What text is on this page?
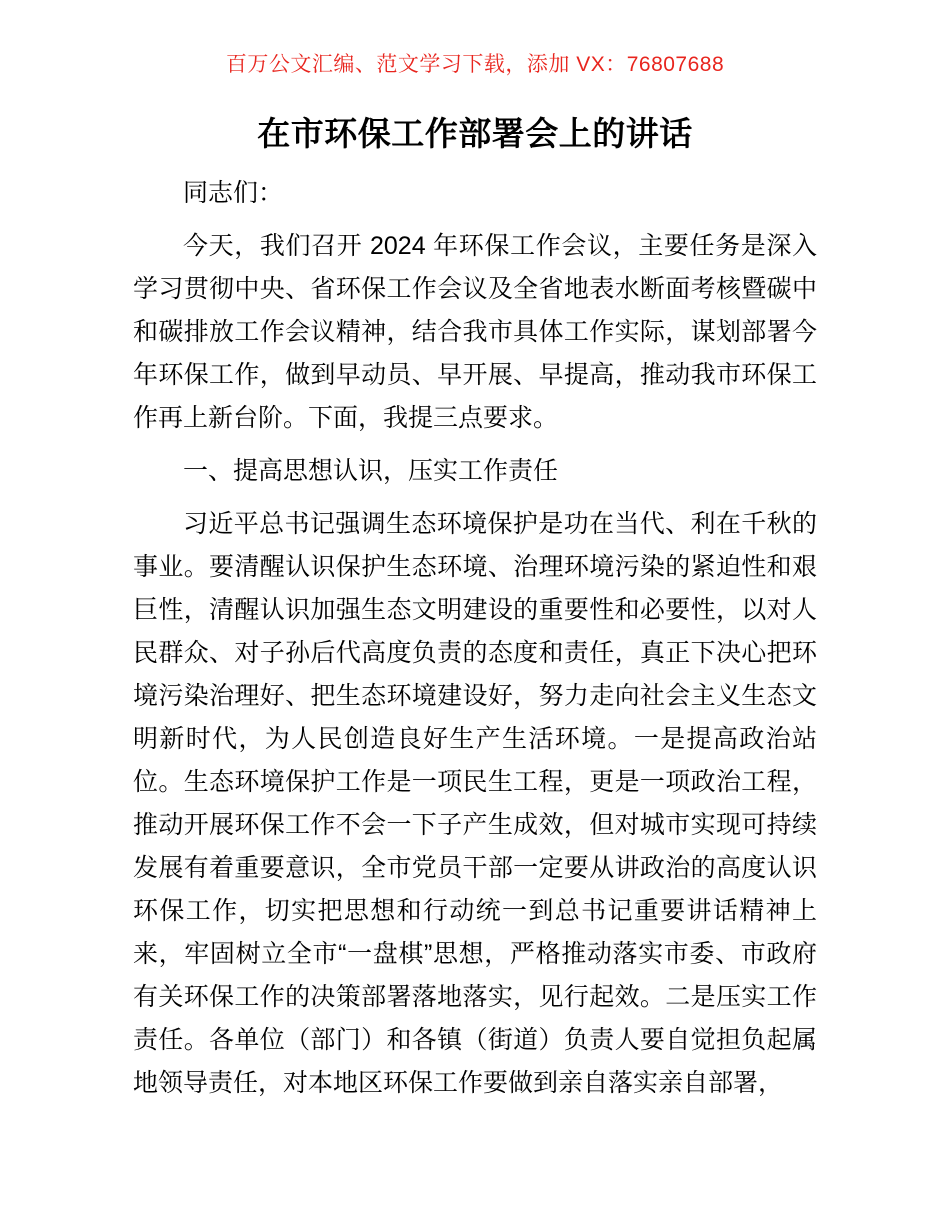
百万公文汇编、范文学习下载，添加 VX：76807688
在市环保工作部署会上的讲话

同志们：

今天，我们召开 2024 年环保工作会议，主要任务是深入学习贯彻中央、省环保工作会议及全省地表水断面考核暨碳中和碳排放工作会议精神，结合我市具体工作实际，谋划部署今年环保工作，做到早动员、早开展、早提高，推动我市环保工作再上新台阶。下面，我提三点要求。

一、提高思想认识，压实工作责任

习近平总书记强调生态环境保护是功在当代、利在千秋的事业。要清醒认识保护生态环境、治理环境污染的紧迫性和艰巨性，清醒认识加强生态文明建设的重要性和必要性，以对人民群众、对子孙后代高度负责的态度和责任，真正下决心把环境污染治理好、把生态环境建设好，努力走向社会主义生态文明新时代，为人民创造良好生产生活环境。一是提高政治站位。生态环境保护工作是一项民生工程，更是一项政治工程，推动开展环保工作不会一下子产生成效，但对城市实现可持续发展有着重要意识，全市党员干部一定要从讲政治的高度认识环保工作，切实把思想和行动统一到总书记重要讲话精神上来，牢固树立全市“一盘棋”思想，严格推动落实市委、市政府有关环保工作的决策部署落地落实，见行起效。二是压实工作责任。各单位（部门）和各镇（街道）负责人要自觉担负起属地领导责任，对本地区环保工作要做到亲自落实亲自部署，
